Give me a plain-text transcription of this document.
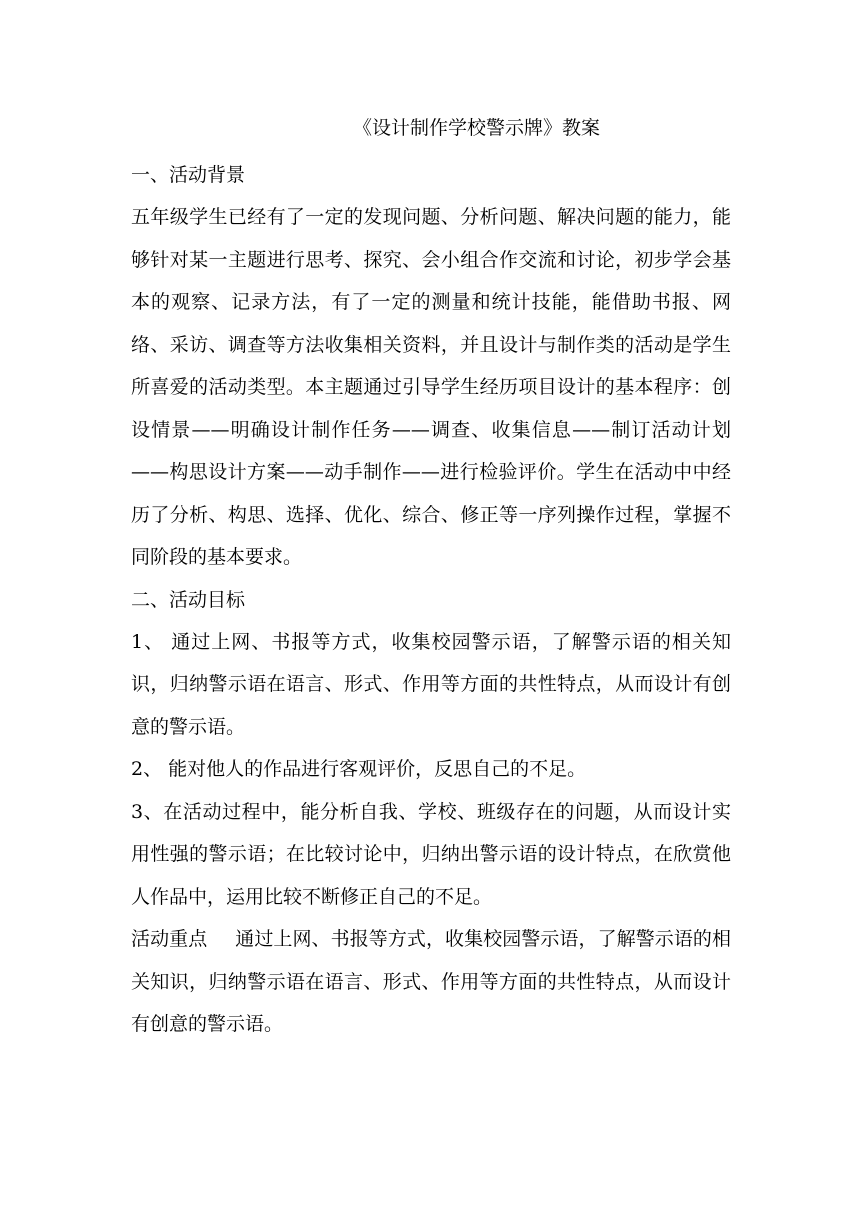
《设计制作学校警示牌》教案
一、活动背景

五年级学生已经有了一定的发现问题、分析问题、解决问题的能力，能够针对某一主题进行思考、探究、会小组合作交流和讨论，初步学会基本的观察、记录方法，有了一定的测量和统计技能，能借助书报、网络、采访、调查等方法收集相关资料，并且设计与制作类的活动是学生所喜爱的活动类型。本主题通过引导学生经历项目设计的基本程序：创设情景——明确设计制作任务——调查、收集信息——制订活动计划——构思设计方案——动手制作——进行检验评价。学生在活动中中经历了分析、构思、选择、优化、综合、修正等一序列操作过程，掌握不同阶段的基本要求。

二、活动目标

1、 通过上网、书报等方式，收集校园警示语，了解警示语的相关知识，归纳警示语在语言、形式、作用等方面的共性特点，从而设计有创意的警示语。

2、 能对他人的作品进行客观评价，反思自己的不足。

3、在活动过程中，能分析自我、学校、班级存在的问题，从而设计实用性强的警示语；在比较讨论中，归纳出警示语的设计特点，在欣赏他人作品中，运用比较不断修正自己的不足。

活动重点 通过上网、书报等方式，收集校园警示语，了解警示语的相关知识，归纳警示语在语言、形式、作用等方面的共性特点，从而设计有创意的警示语。
